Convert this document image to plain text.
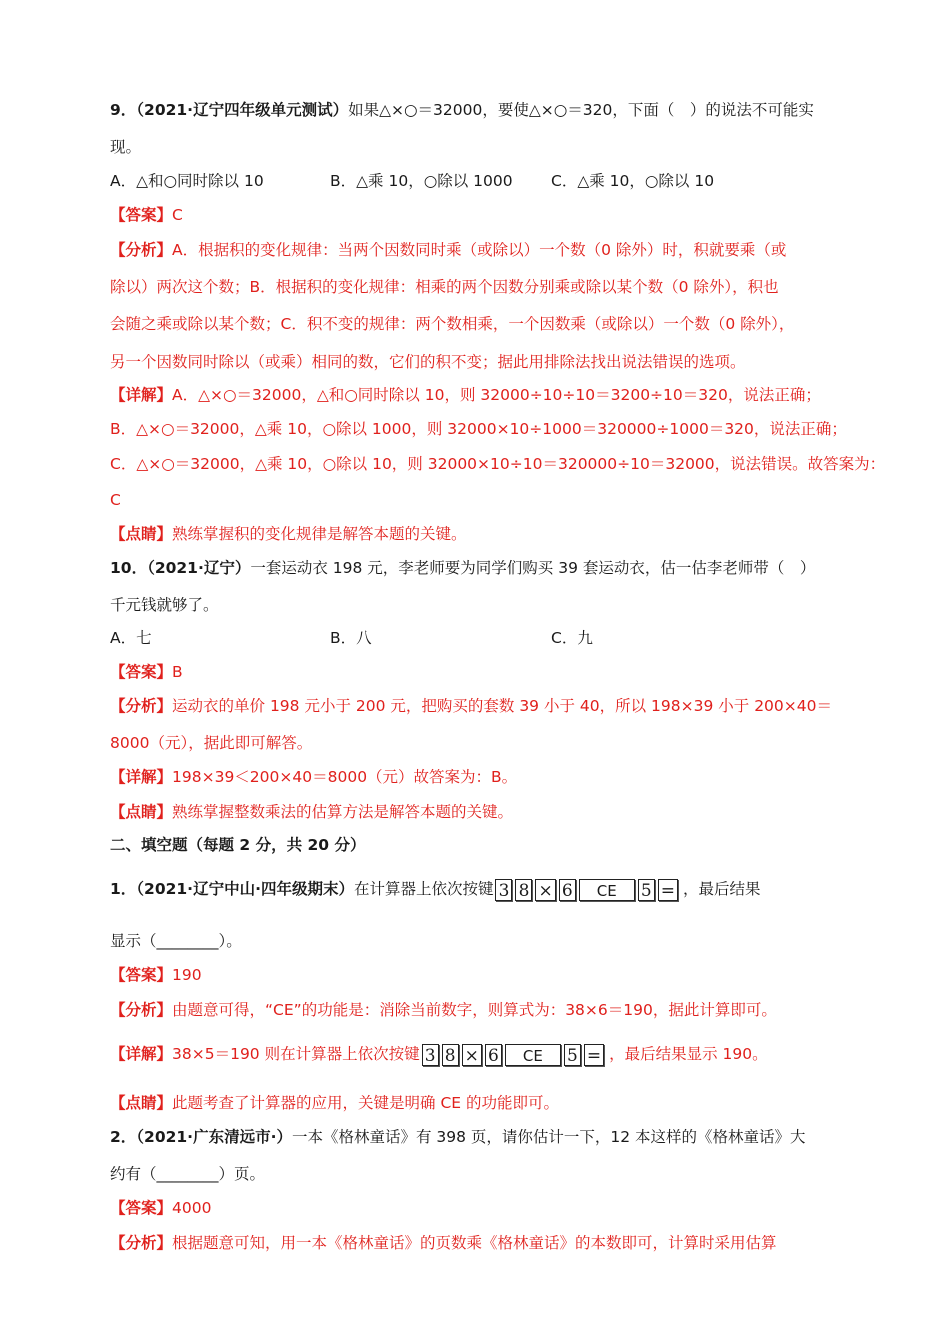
9．（2021·辽宁四年级单元测试）如果△×○＝32000，要使△×○＝320，下面（　）的说法不可能实
现。
A．△和○同时除以 10	B．△乘 10，○除以 1000 C．△乘 10，○除以 10
【答案】C
【分析】A．根据积的变化规律：当两个因数同时乘（或除以）一个数（0 除外）时，积就要乘（或
除以）两次这个数；B．根据积的变化规律：相乘的两个因数分别乘或除以某个数（0 除外），积也
会随之乘或除以某个数；C．积不变的规律：两个数相乘，一个因数乘（或除以）一个数（0 除外），
另一个因数同时除以（或乘）相同的数，它们的积不变；据此用排除法找出说法错误的选项。
【详解】A．△×○＝32000，△和○同时除以 10，则 32000÷10÷10＝3200÷10＝320，说法正确；
B．△×○＝32000，△乘 10，○除以 1000，则 32000×10÷1000＝320000÷1000＝320，说法正确；
C．△×○＝32000，△乘 10，○除以 10，则 32000×10÷10＝320000÷10＝32000，说法错误。故答案为：
C
【点睛】熟练掌握积的变化规律是解答本题的关键。
10．（2021·辽宁）一套运动衣 198 元，李老师要为同学们购买 39 套运动衣，估一估李老师带（　）
千元钱就够了。
A．七	B．八	C．九
【答案】B
【分析】运动衣的单价 198 元小于 200 元，把购买的套数 39 小于 40，所以 198×39 小于 200×40＝
8000（元），据此即可解答。
【详解】198×39＜200×40＝8000（元）故答案为：B。
【点睛】熟练掌握整数乘法的估算方法是解答本题的关键。
二、填空题（每题 2 分，共 20 分）
1．（2021·辽宁中山·四年级期末）在计算器上依次按键 3 8 × 6 CE 5 = ，最后结果
显示（________）。
【答案】190
【分析】由题意可得，“CE”的功能是：消除当前数字，则算式为：38×6＝190，据此计算即可。
【详解】38×5＝190 则在计算器上依次按键 3 8 × 6 CE 5 = ，最后结果显示 190。
【点睛】此题考查了计算器的应用，关键是明确 CE 的功能即可。
2．（2021·广东清远市·）一本《格林童话》有 398 页，请你估计一下，12 本这样的《格林童话》大
约有（________）页。
【答案】4000
【分析】根据题意可知，用一本《格林童话》的页数乘《格林童话》的本数即可，计算时采用估算
